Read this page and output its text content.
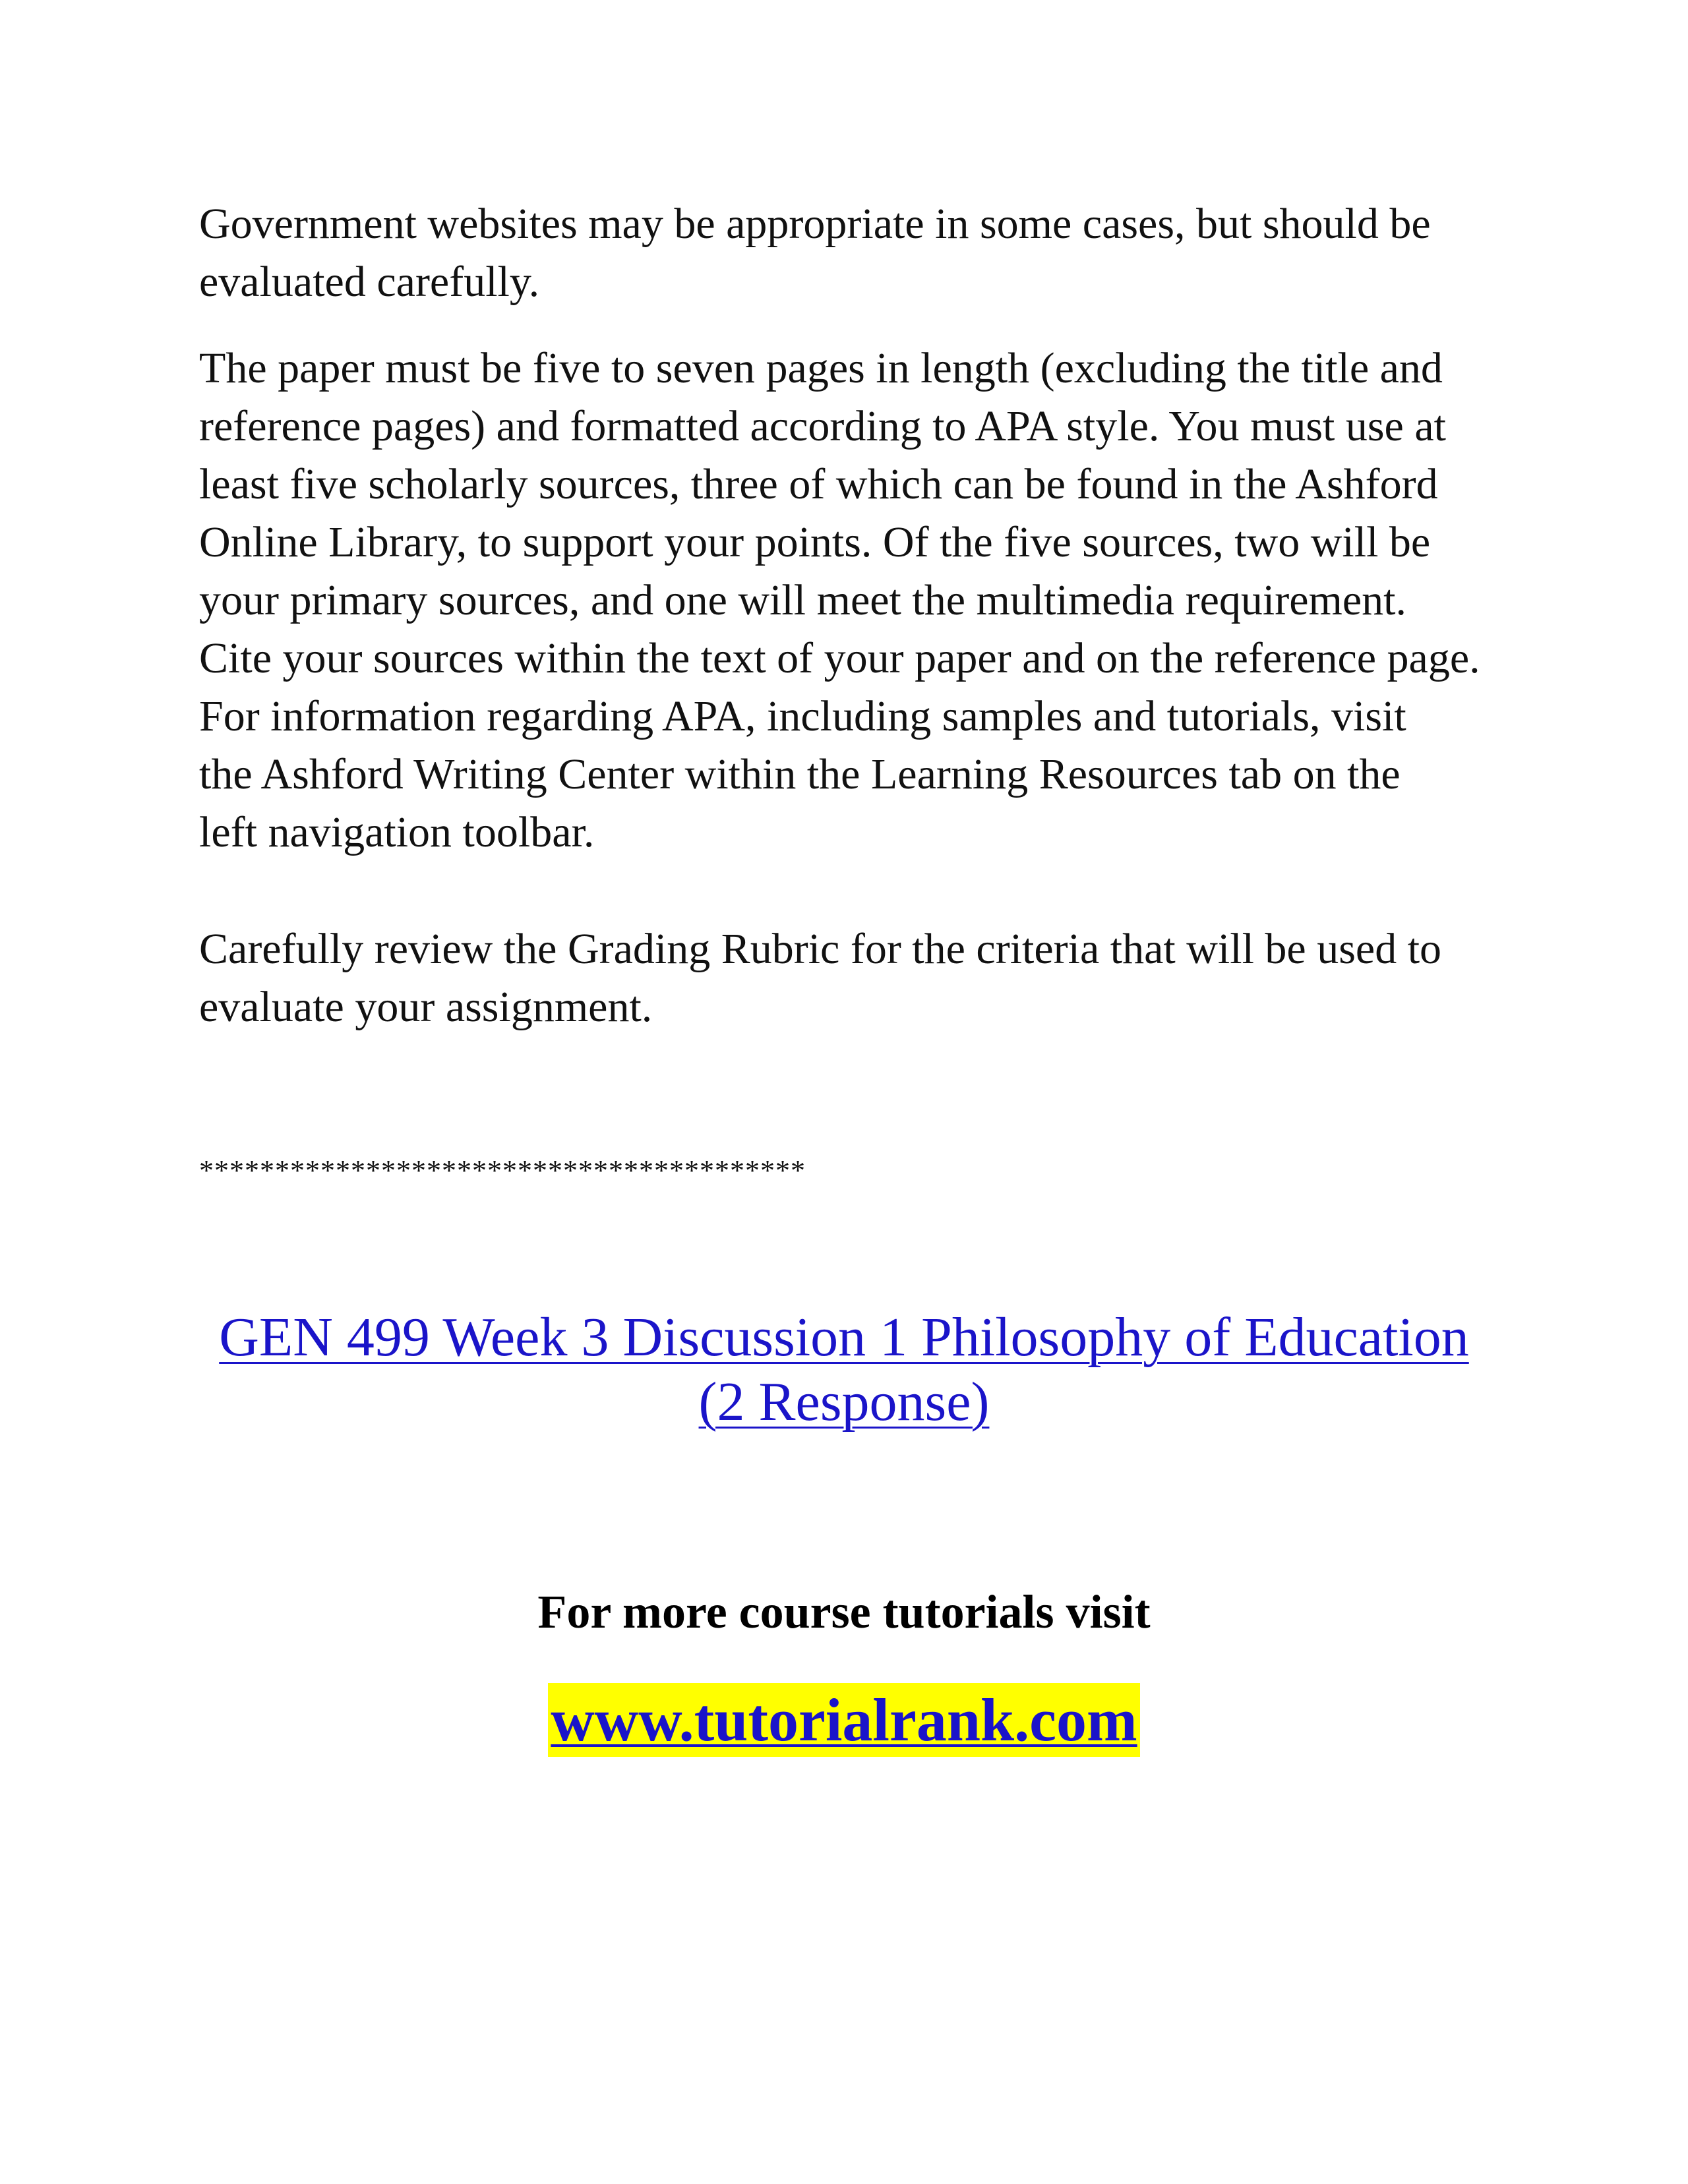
Government websites may be appropriate in some cases, but should be
evaluated carefully.

The paper must be five to seven pages in length (excluding the title and
reference pages) and formatted according to APA style. You must use at
least five scholarly sources, three of which can be found in the Ashford
Online Library, to support your points. Of the five sources, two will be
your primary sources, and one will meet the multimedia requirement.
Cite your sources within the text of your paper and on the reference page.
For information regarding APA, including samples and tutorials, visit
the Ashford Writing Center within the Learning Resources tab on the
left navigation toolbar.

Carefully review the Grading Rubric for the criteria that will be used to
evaluate your assignment.

****************************************

GEN 499 Week 3 Discussion 1 Philosophy of Education
(2 Response)

For more course tutorials visit

www.tutorialrank.com
